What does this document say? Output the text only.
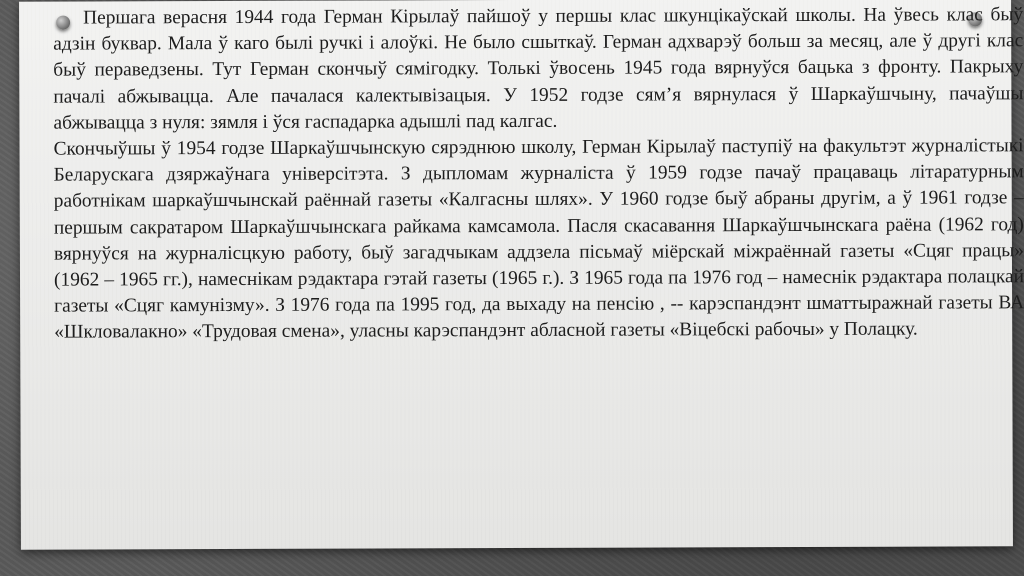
Першага верасня 1944 года Герман Кірылаў пайшоў у першы клас шкунцікаўскай школы. На ўвесь клас быў адзін буквар. Мала ў каго былі ручкі і алоўкі. Не было сшыткаў. Герман адхварэў больш за месяц, але ў другі клас быў пераведзены. Тут Герман скончыў сямігодку. Толькі ўвосень 1945 года вярнуўся бацька з фронту. Пакрыху пачалі абжывацца. Але пачалася калектывізацыя. У 1952 годзе сям’я вярнулася ў Шаркаўшчыну, пачаўшы абжывацца з нуля: зямля і ўся гаспадарка адышлі пад калгас.
Скончыўшы ў 1954 годзе Шаркаўшчынскую сярэднюю школу, Герман Кірылаў паступіў на факультэт журналістыкі Беларускага дзяржаўнага універсітэта. З дыпломам журналіста ў 1959 годзе пачаў працаваць літаратурным работнікам шаркаўшчынскай раённай газеты «Калгасны шлях». У 1960 годзе быў абраны другім, а ў 1961 годзе – першым сакратаром Шаркаўшчынскага райкама камсамола. Пасля скасавання Шаркаўшчынскага раёна (1962 год) вярнуўся на журналісцкую работу, быў загадчыкам аддзела пісьмаў міёрскай міжраённай газеты «Сцяг працы» (1962 – 1965 гг.), намеснікам рэдактара гэтай газеты (1965 г.). З 1965 года па 1976 год – намеснік рэдактара полацкай газеты «Сцяг камунізму». З 1976 года па 1995 год, да выхаду на пенсію , -- карэспандэнт шматтыражнай газеты ВА «Шкловалакно» «Трудовая смена», уласны карэспандэнт абласной газеты «Віцебскі рабочы» у Полацку.
